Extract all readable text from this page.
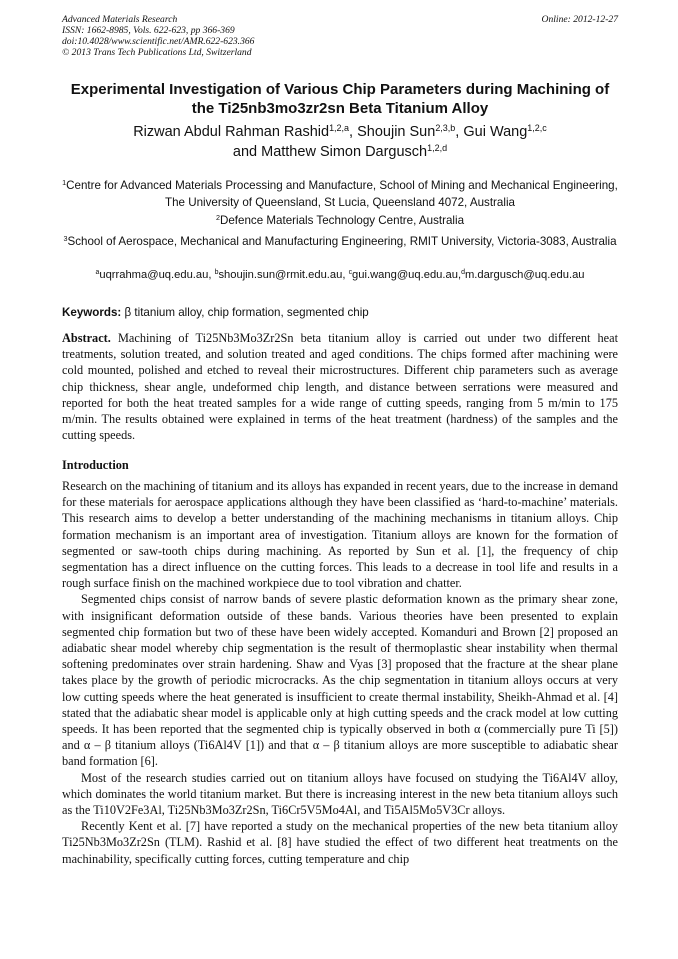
Advanced Materials Research
ISSN: 1662-8985, Vols. 622-623, pp 366-369
doi:10.4028/www.scientific.net/AMR.622-623.366
© 2013 Trans Tech Publications Ltd, Switzerland
Online: 2012-12-27
Experimental Investigation of Various Chip Parameters during Machining of the Ti25nb3mo3zr2sn Beta Titanium Alloy
Rizwan Abdul Rahman Rashid$^{1,2,a}$, Shoujin Sun$^{2,3,b}$, Gui Wang$^{1,2,c}$
and Matthew Simon Dargusch$^{1,2,d}$
$^1$Centre for Advanced Materials Processing and Manufacture, School of Mining and Mechanical Engineering, The University of Queensland, St Lucia, Queensland 4072, Australia
$^2$Defence Materials Technology Centre, Australia
$^3$School of Aerospace, Mechanical and Manufacturing Engineering, RMIT University, Victoria-3083, Australia
$^a$uqrrahma@uq.edu.au, $^b$shoujin.sun@rmit.edu.au, $^c$gui.wang@uq.edu.au,$^d$m.dargusch@uq.edu.au
Keywords: β titanium alloy, chip formation, segmented chip
Abstract. Machining of Ti25Nb3Mo3Zr2Sn beta titanium alloy is carried out under two different heat treatments, solution treated, and solution treated and aged conditions. The chips formed after machining were cold mounted, polished and etched to reveal their microstructures. Different chip parameters such as average chip thickness, shear angle, undeformed chip length, and distance between serrations were measured and reported for both the heat treated samples for a wide range of cutting speeds, ranging from 5 m/min to 175 m/min. The results obtained were explained in terms of the heat treatment (hardness) of the samples and the cutting speeds.
Introduction

Research on the machining of titanium and its alloys has expanded in recent years, due to the increase in demand for these materials for aerospace applications although they have been classified as ‘hard-to-machine’ materials. This research aims to develop a better understanding of the machining mechanisms in titanium alloys. Chip formation mechanism is an important area of investigation. Titanium alloys are known for the formation of segmented or saw-tooth chips during machining. As reported by Sun et al. [1], the frequency of chip segmentation has a direct influence on the cutting forces. This leads to a decrease in tool life and results in a rough surface finish on the machined workpiece due to tool vibration and chatter.

Segmented chips consist of narrow bands of severe plastic deformation known as the primary shear zone, with insignificant deformation outside of these bands. Various theories have been presented to explain segmented chip formation but two of these have been widely accepted. Komanduri and Brown [2] proposed an adiabatic shear model whereby chip segmentation is the result of thermoplastic shear instability when thermal softening predominates over strain hardening. Shaw and Vyas [3] proposed that the fracture at the shear plane takes place by the growth of periodic microcracks. As the chip segmentation in titanium alloys occurs at very low cutting speeds where the heat generated is insufficient to create thermal instability, Sheikh-Ahmad et al. [4] stated that the adiabatic shear model is applicable only at high cutting speeds and the crack model at low cutting speeds. It has been reported that the segmented chip is typically observed in both α (commercially pure Ti [5]) and α – β titanium alloys (Ti6Al4V [1]) and that α – β titanium alloys are more susceptible to adiabatic shear band formation [6].

Most of the research studies carried out on titanium alloys have focused on studying the Ti6Al4V alloy, which dominates the world titanium market. But there is increasing interest in the new beta titanium alloys such as the Ti10V2Fe3Al, Ti25Nb3Mo3Zr2Sn, Ti6Cr5V5Mo4Al, and Ti5Al5Mo5V3Cr alloys.

Recently Kent et al. [7] have reported a study on the mechanical properties of the new beta titanium alloy Ti25Nb3Mo3Zr2Sn (TLM). Rashid et al. [8] have studied the effect of two different heat treatments on the machinability, specifically cutting forces, cutting temperature and chip
